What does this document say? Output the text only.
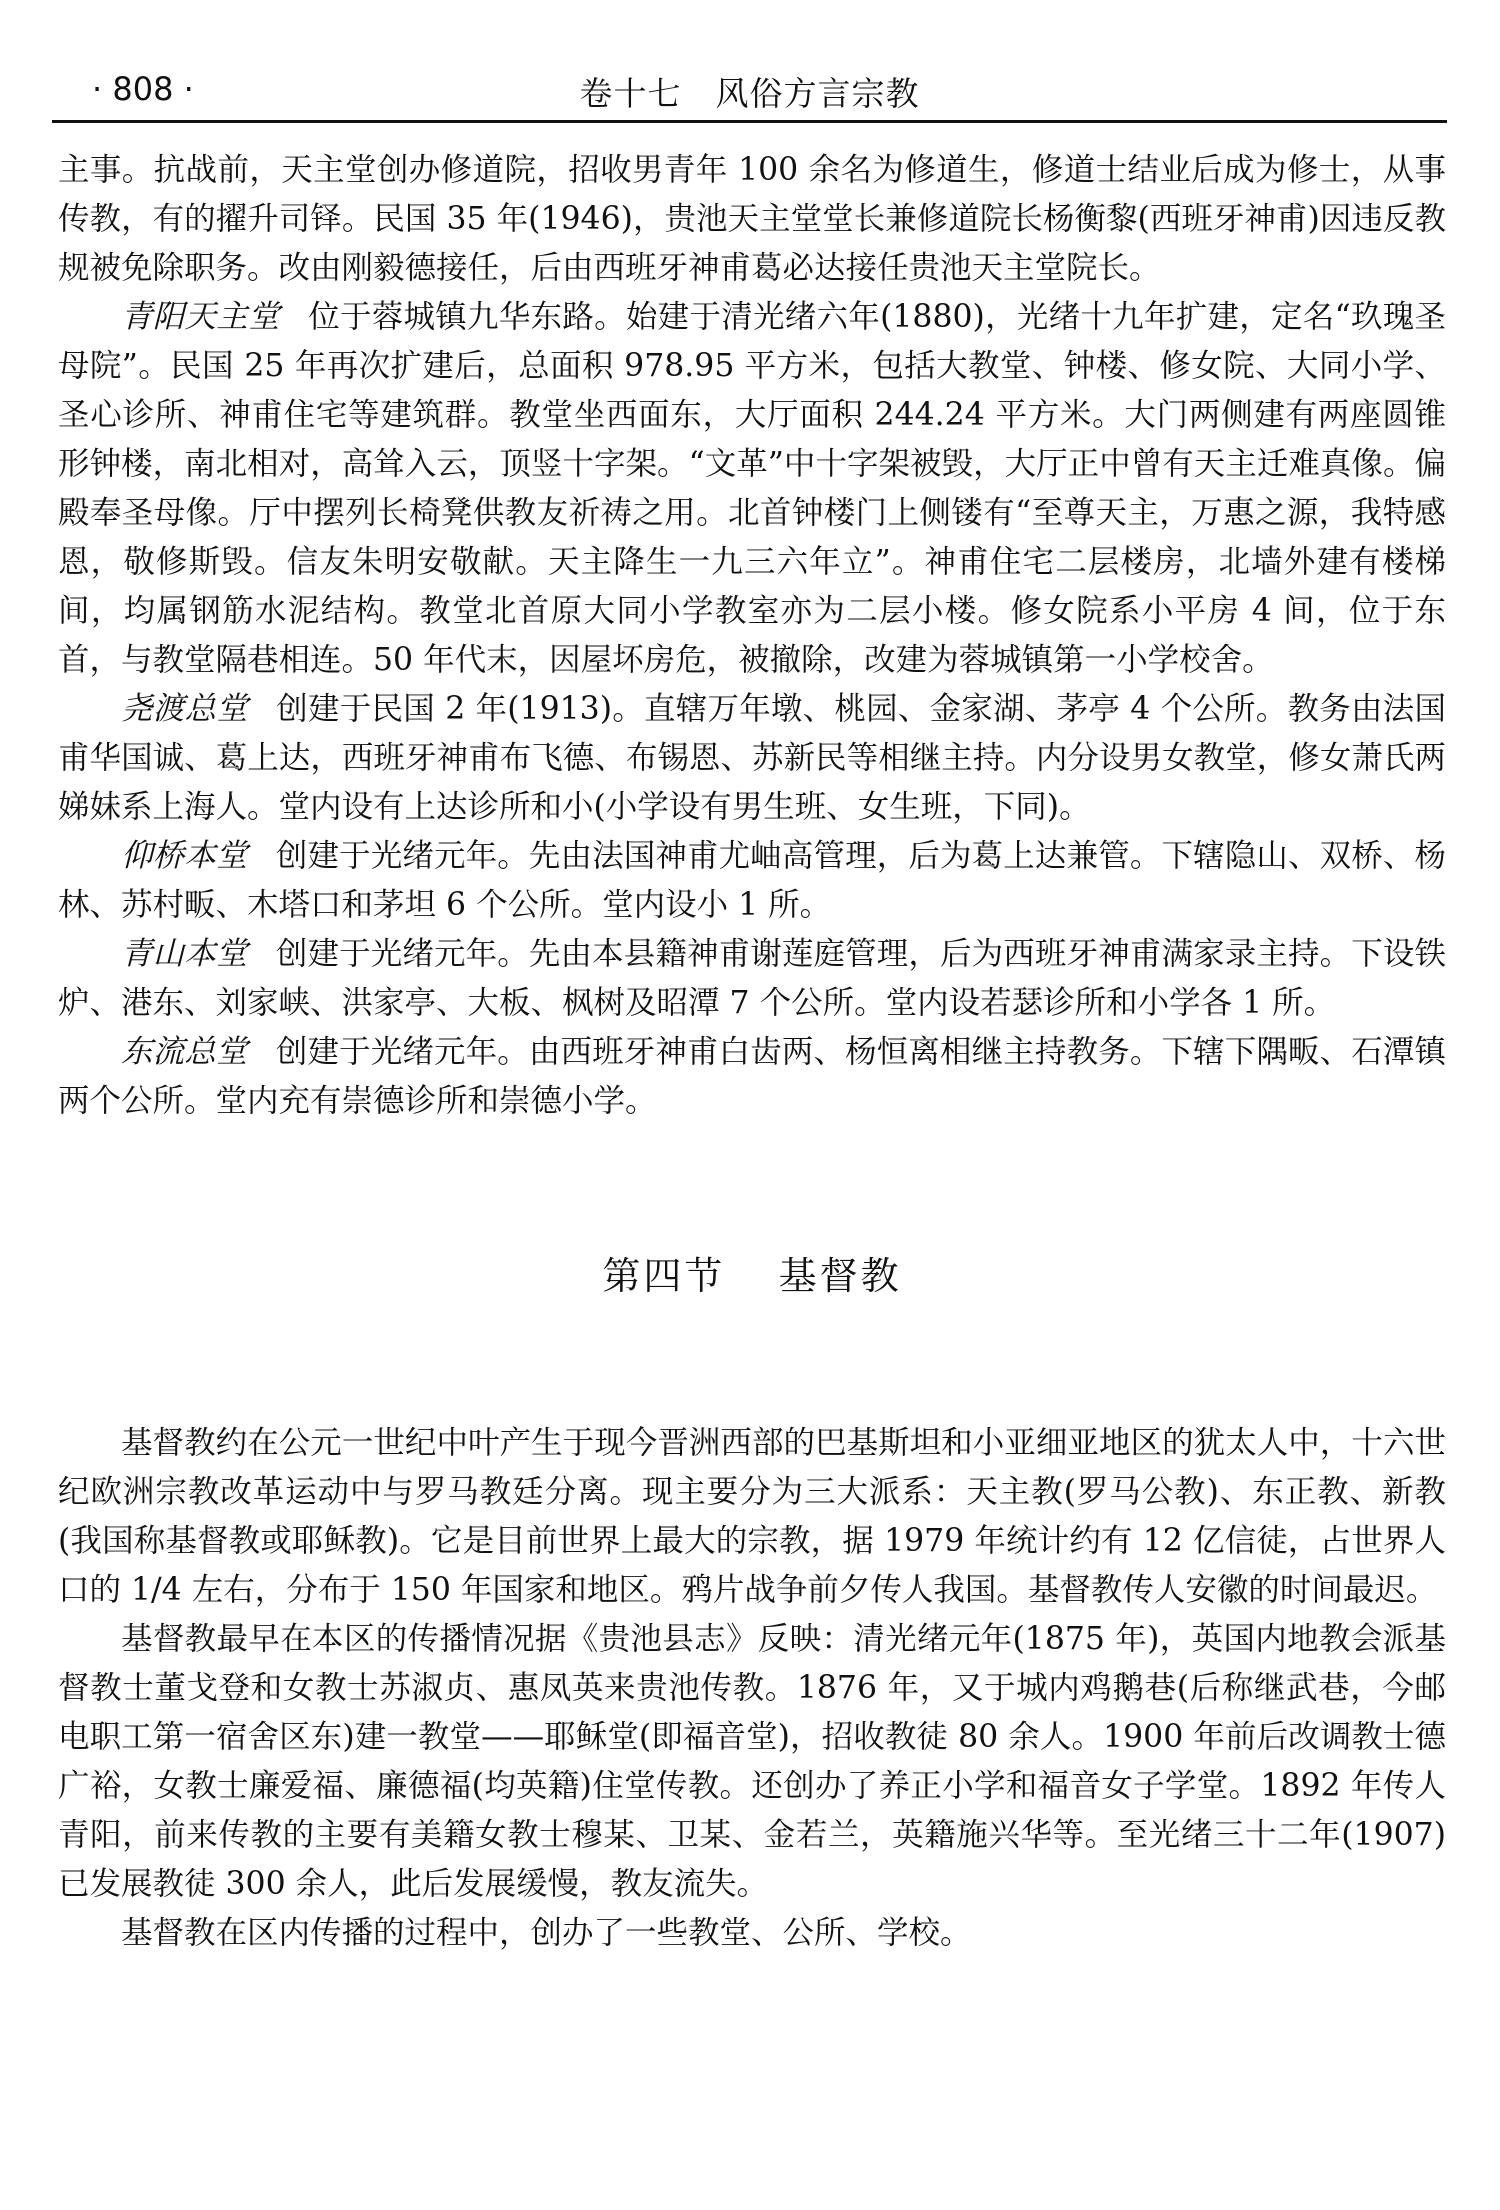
· 808 ·	卷十七　风俗方言宗教

主事。抗战前，天主堂创办修道院，招收男青年 100 余名为修道生，修道士结业后成为修士，从事传教，有的擢升司铎。民国 35 年(1946)，贵池天主堂堂长兼修道院长杨衡黎(西班牙神甫)因违反教规被免除职务。改由刚毅德接任，后由西班牙神甫葛必达接任贵池天主堂院长。

青阳天主堂 位于蓉城镇九华东路。始建于清光绪六年(1880)，光绪十九年扩建，定名“玖瑰圣母院”。民国 25 年再次扩建后，总面积 978.95 平方米，包括大教堂、钟楼、修女院、大同小学、圣心诊所、神甫住宅等建筑群。教堂坐西面东，大厅面积 244.24 平方米。大门两侧建有两座圆锥形钟楼，南北相对，高耸入云，顶竖十字架。“文革”中十字架被毁，大厅正中曾有天主迁难真像。偏殿奉圣母像。厅中摆列长椅凳供教友祈祷之用。北首钟楼门上侧镂有“至尊天主，万惠之源，我特感恩，敬修斯毁。信友朱明安敬献。天主降生一九三六年立”。神甫住宅二层楼房，北墙外建有楼梯间，均属钢筋水泥结构。教堂北首原大同小学教室亦为二层小楼。修女院系小平房 4 间，位于东首，与教堂隔巷相连。50 年代末，因屋坏房危，被撤除，改建为蓉城镇第一小学校舍。

尧渡总堂 创建于民国 2 年(1913)。直辖万年墩、桃园、金家湖、茅亭 4 个公所。教务由法国甫华国诚、葛上达，西班牙神甫布飞德、布锡恩、苏新民等相继主持。内分设男女教堂，修女萧氏两娣妹系上海人。堂内设有上达诊所和小(小学设有男生班、女生班，下同)。

仰桥本堂 创建于光绪元年。先由法国神甫尤岫高管理，后为葛上达兼管。下辖隐山、双桥、杨林、苏村畈、木塔口和茅坦 6 个公所。堂内设小 1 所。

青山本堂 创建于光绪元年。先由本县籍神甫谢莲庭管理，后为西班牙神甫满家录主持。下设铁炉、港东、刘家峡、洪家亭、大板、枫树及昭潭 7 个公所。堂内设若瑟诊所和小学各 1 所。

东流总堂 创建于光绪元年。由西班牙神甫白齿两、杨恒离相继主持教务。下辖下隅畈、石潭镇两个公所。堂内充有崇德诊所和崇德小学。

第四节 基督教

基督教约在公元一世纪中叶产生于现今晋洲西部的巴基斯坦和小亚细亚地区的犹太人中，十六世纪欧洲宗教改革运动中与罗马教廷分离。现主要分为三大派系：天主教(罗马公教)、东正教、新教(我国称基督教或耶稣教)。它是目前世界上最大的宗教，据 1979 年统计约有 12 亿信徒，占世界人口的 1/4 左右，分布于 150 年国家和地区。鸦片战争前夕传人我国。基督教传人安徽的时间最迟。

基督教最早在本区的传播情况据《贵池县志》反映：清光绪元年(1875 年)，英国内地教会派基督教士董戈登和女教士苏淑贞、惠凤英来贵池传教。1876 年，又于城内鸡鹅巷(后称继武巷，今邮电职工第一宿舍区东)建一教堂——耶稣堂(即福音堂)，招收教徒 80 余人。1900 年前后改调教士德广裕，女教士廉爱福、廉德福(均英籍)住堂传教。还创办了养正小学和福音女子学堂。1892 年传人青阳，前来传教的主要有美籍女教士穆某、卫某、金若兰，英籍施兴华等。至光绪三十二年(1907)已发展教徒 300 余人，此后发展缓慢，教友流失。

基督教在区内传播的过程中，创办了一些教堂、公所、学校。
